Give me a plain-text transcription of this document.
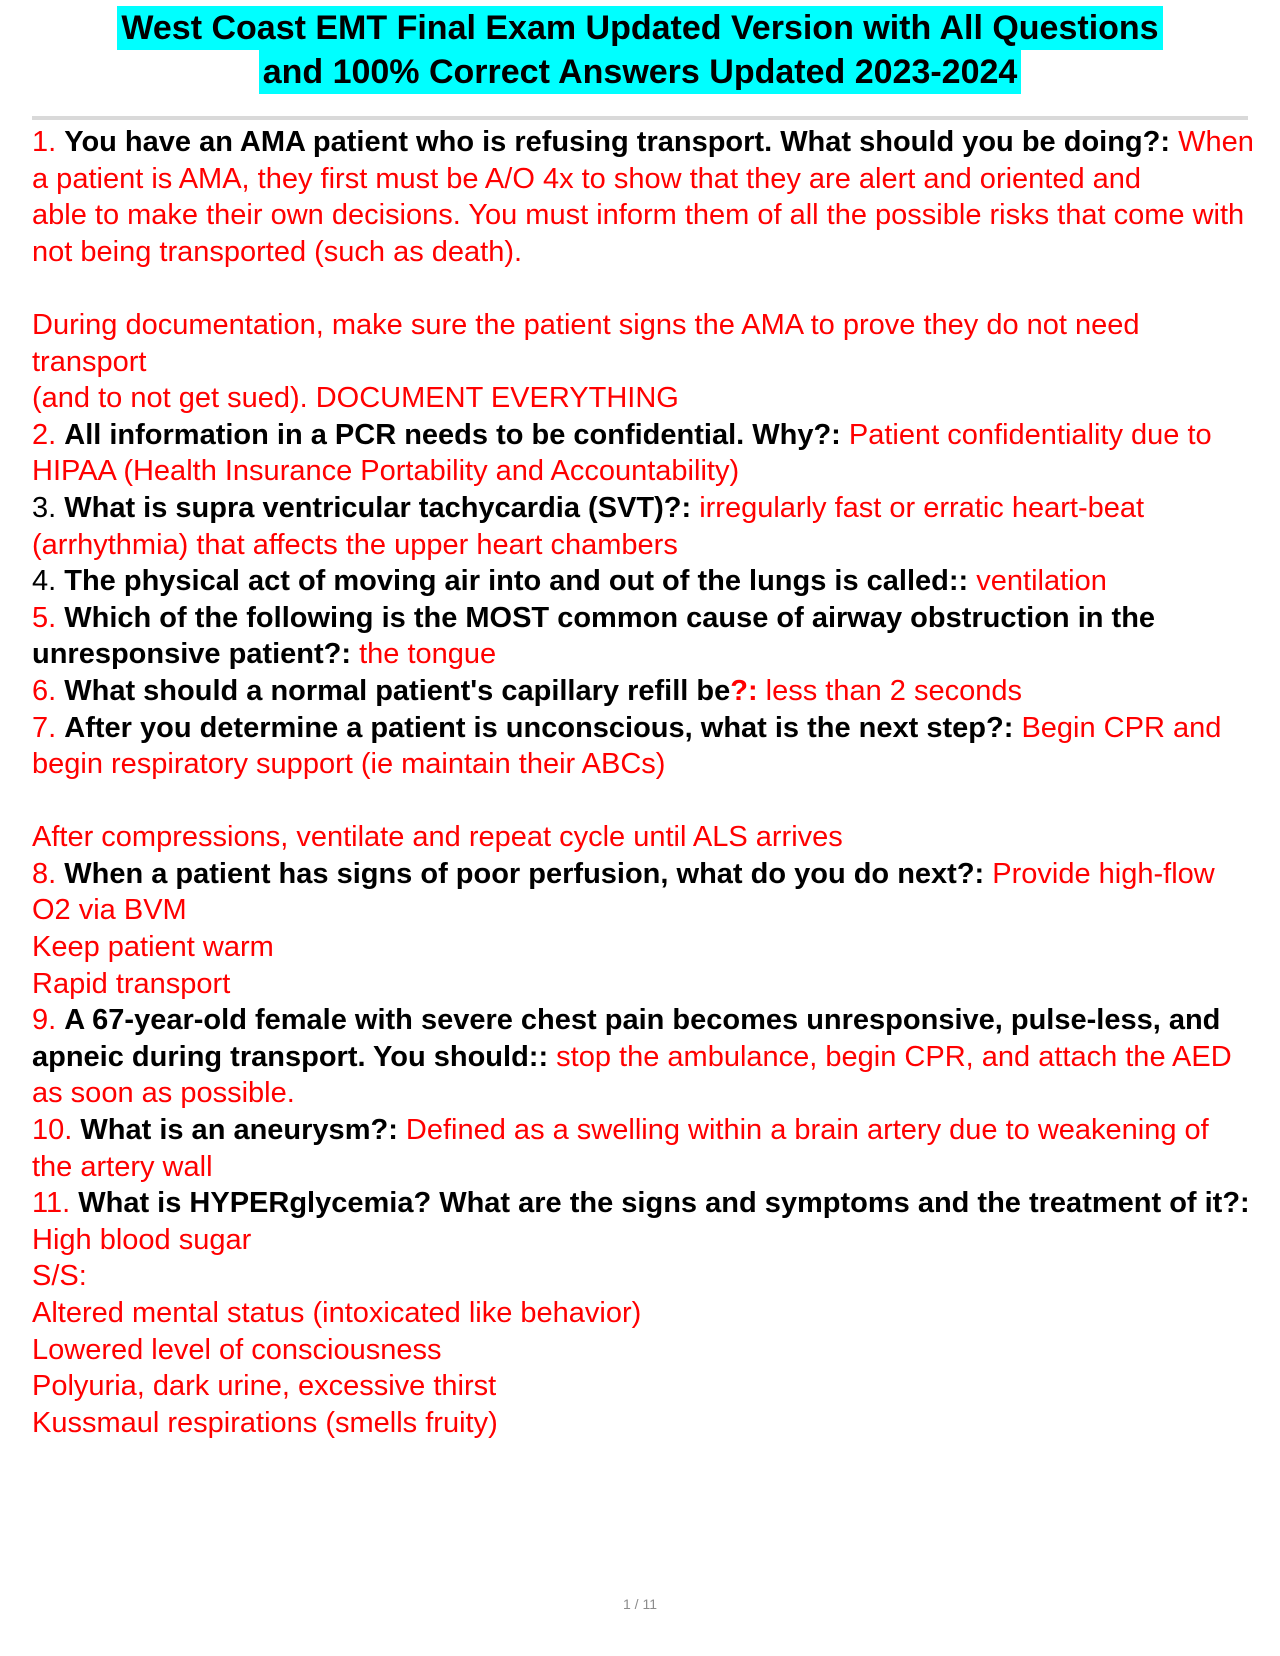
West Coast EMT Final Exam Updated Version with All Questions
and 100% Correct Answers Updated 2023-2024
1. You have an AMA patient who is refusing transport. What should you be doing?: When a patient is AMA, they first must be A/O 4x to show that they are alert and oriented and
able to make their own decisions. You must inform them of all the possible risks that come with
not being transported (such as death).
During documentation, make sure the patient signs the AMA to prove they do not need transport
(and to not get sued). DOCUMENT EVERYTHING
2. All information in a PCR needs to be confidential. Why?: Patient confidentiality due to HIPAA (Health Insurance Portability and Accountability)
3. What is supra ventricular tachycardia (SVT)?: irregularly fast or erratic heart-beat (arrhythmia) that affects the upper heart chambers
4. The physical act of moving air into and out of the lungs is called:: ventilation
5. Which of the following is the MOST common cause of airway obstruction in the unresponsive patient?: the tongue
6. What should a normal patient's capillary refill be?: less than 2 seconds
7. After you determine a patient is unconscious, what is the next step?: Begin CPR and begin respiratory support (ie maintain their ABCs)
After compressions, ventilate and repeat cycle until ALS arrives
8. When a patient has signs of poor perfusion, what do you do next?: Provide high-flow O2 via BVM
Keep patient warm
Rapid transport
9. A 67-year-old female with severe chest pain becomes unresponsive, pulse-less, and apneic during transport. You should:: stop the ambulance, begin CPR, and attach the AED as soon as possible.
10. What is an aneurysm?: Defined as a swelling within a brain artery due to weakening of the artery wall
11. What is HYPERglycemia? What are the signs and symptoms and the treatment of it?: High blood sugar
S/S:
Altered mental status (intoxicated like behavior)
Lowered level of consciousness
Polyuria, dark urine, excessive thirst
Kussmaul respirations (smells fruity)
1 / 11
